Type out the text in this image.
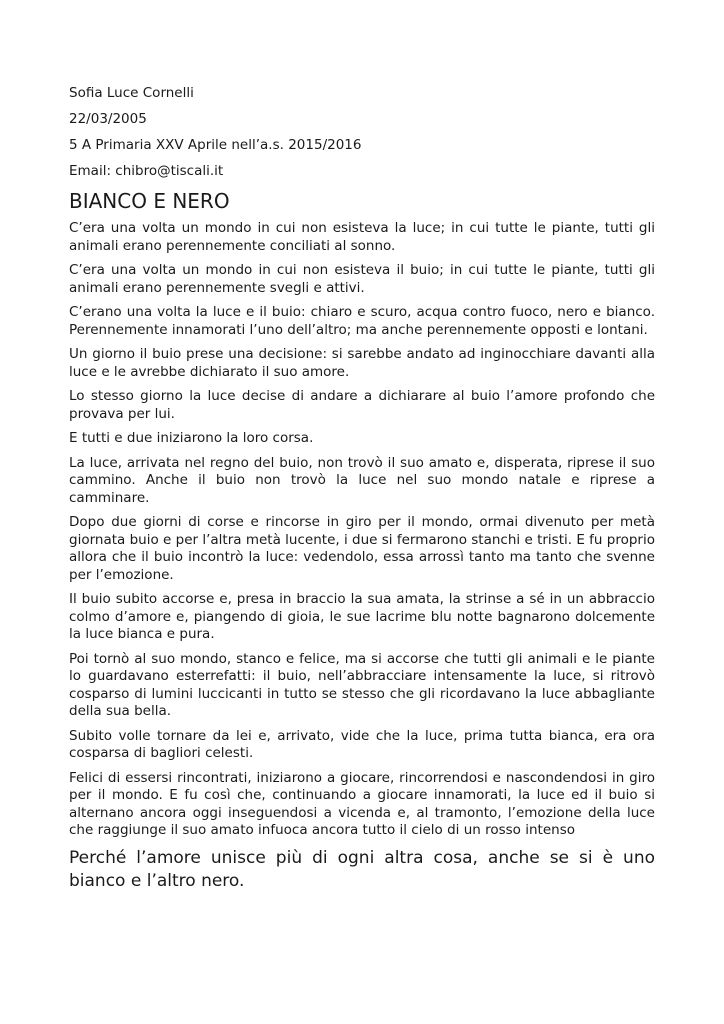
Sofia Luce Cornelli

22/03/2005

5 A Primaria XXV Aprile nell’a.s. 2015/2016

Email: chibro@tiscali.it

BIANCO E NERO

C’era una volta un mondo in cui non esisteva la luce; in cui tutte le piante, tutti gli animali erano perennemente conciliati al sonno.

C’era una volta un mondo in cui non esisteva il buio; in cui tutte le piante, tutti gli animali erano perennemente svegli e attivi.

C’erano una volta la luce e il buio: chiaro e scuro, acqua contro fuoco, nero e bianco. Perennemente innamorati l’uno dell’altro; ma anche perennemente opposti e lontani.

Un giorno il buio prese una decisione: si sarebbe andato ad inginocchiare davanti alla luce e le avrebbe dichiarato il suo amore.

Lo stesso giorno la luce decise di andare a dichiarare al buio l’amore profondo che provava per lui.

E tutti e due iniziarono la loro corsa.

La luce, arrivata nel regno del buio, non trovò il suo amato e, disperata, riprese il suo cammino. Anche il buio non trovò la luce nel suo mondo natale e riprese a camminare.

Dopo due giorni di corse e rincorse in giro per il mondo, ormai divenuto per metà giornata buio e per l’altra metà lucente, i due si fermarono stanchi e tristi. E fu proprio allora che il buio incontrò la luce: vedendolo, essa arrossì tanto ma tanto che svenne per l’emozione.

Il buio subito accorse e, presa in braccio la sua amata, la strinse a sé in un abbraccio colmo d’amore e, piangendo di gioia, le sue lacrime blu notte bagnarono dolcemente la luce bianca e pura.

Poi tornò al suo mondo, stanco e felice, ma si accorse che tutti gli animali e le piante lo guardavano esterrefatti: il buio, nell’abbracciare intensamente la luce, si ritrovò cosparso di lumini luccicanti in tutto se stesso che gli ricordavano la luce abbagliante della sua bella.

Subito volle tornare da lei e, arrivato, vide che la luce, prima tutta bianca, era ora cosparsa di bagliori celesti.

Felici di essersi rincontrati, iniziarono a giocare, rincorrendosi e nascondendosi in giro per il mondo. E fu così che, continuando a giocare innamorati, la luce ed il buio si alternano ancora oggi inseguendosi a vicenda e, al tramonto, l’emozione della luce che raggiunge il suo amato infuoca ancora tutto il cielo di un rosso intenso

Perché l’amore unisce più di ogni altra cosa, anche se si è uno bianco e l’altro nero.
